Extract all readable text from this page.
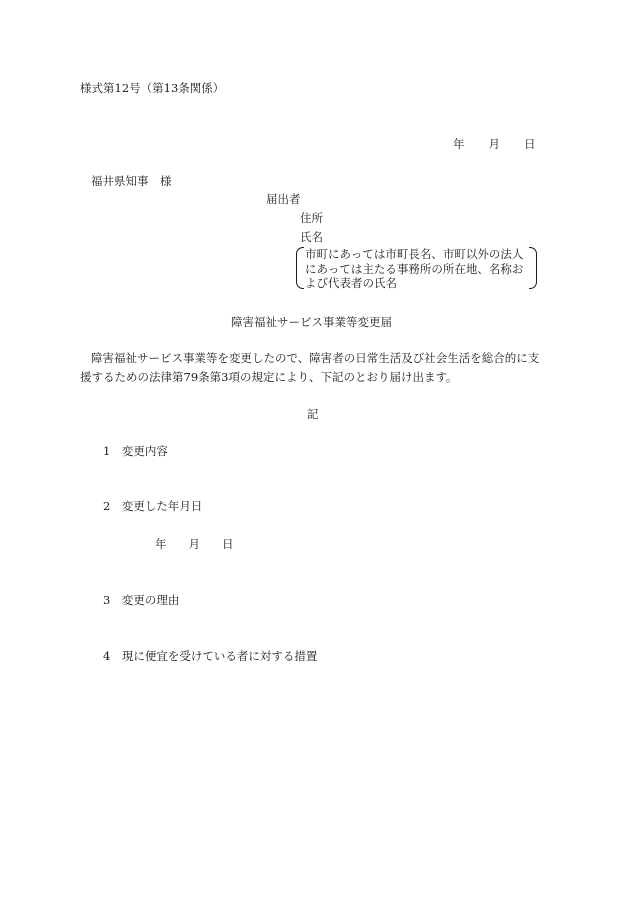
様式第12号（第13条関係）
年 月 日
福井県知事　様
届出者
住所
氏名
市町にあっては市町長名、市町以外の法人
にあっては主たる事務所の所在地、名称お
よび代表者の氏名
障害福祉サービス事業等変更届
障害福祉サービス事業等を変更したので、障害者の日常生活及び社会生活を総合的に支
援するための法律第79条第3項の規定により、下記のとおり届け出ます。
記
1　 変更内容
2　 変更した年月日
年 月 日
3　 変更の理由
4　 現に便宜を受けている者に対する措置
